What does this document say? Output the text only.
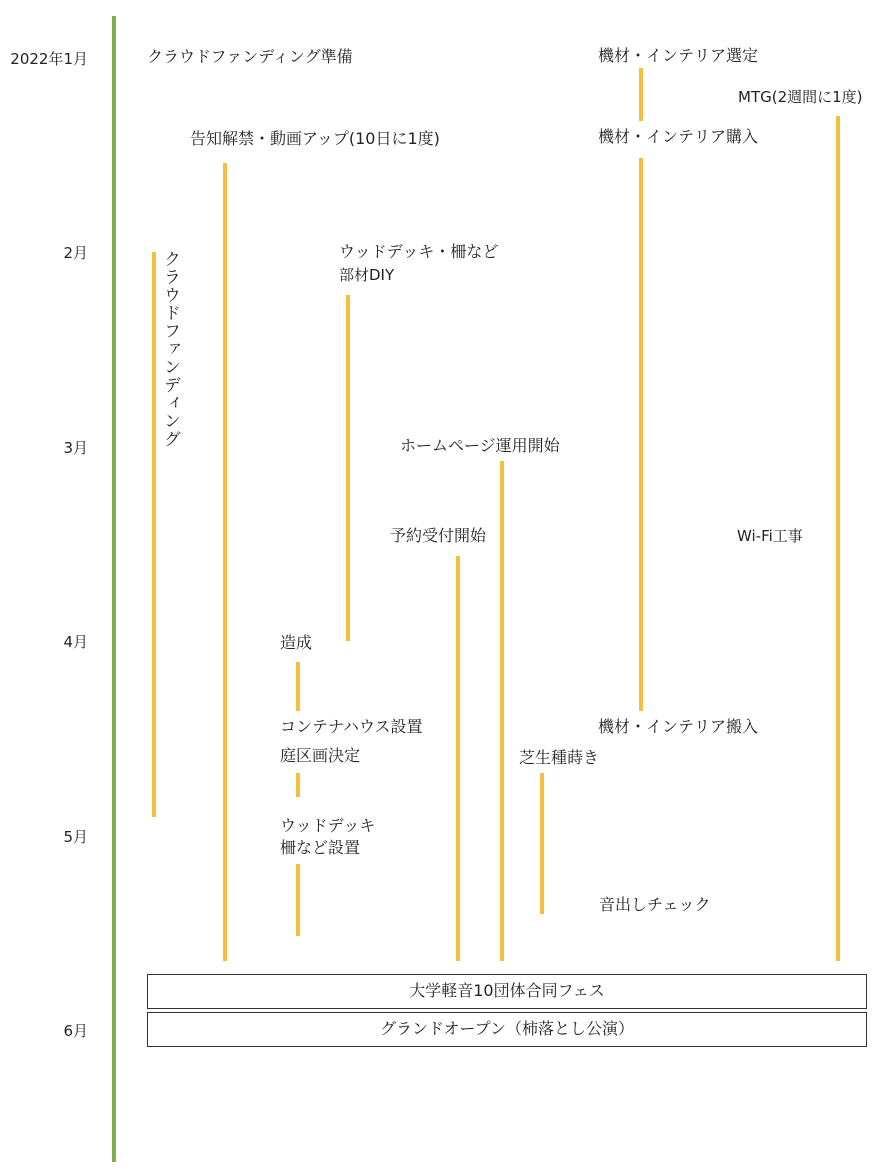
2022年1月
2月
3月
4月
5月
6月
クラウドファンディング準備	機材・インテリア選定
MTG(2週間に1度)
告知解禁・動画アップ(10日に1度)	機材・インテリア購入
クラウドファンディング	ウッドデッキ・柵など
部材DIY
ホームページ運用開始
予約受付開始	Wi-Fi工事
造成
コンテナハウス設置	機材・インテリア搬入
庭区画決定	芝生種蒔き
ウッドデッキ
柵など設置
音出しチェック
大学軽音10団体合同フェス
グランドオープン（柿落とし公演）
